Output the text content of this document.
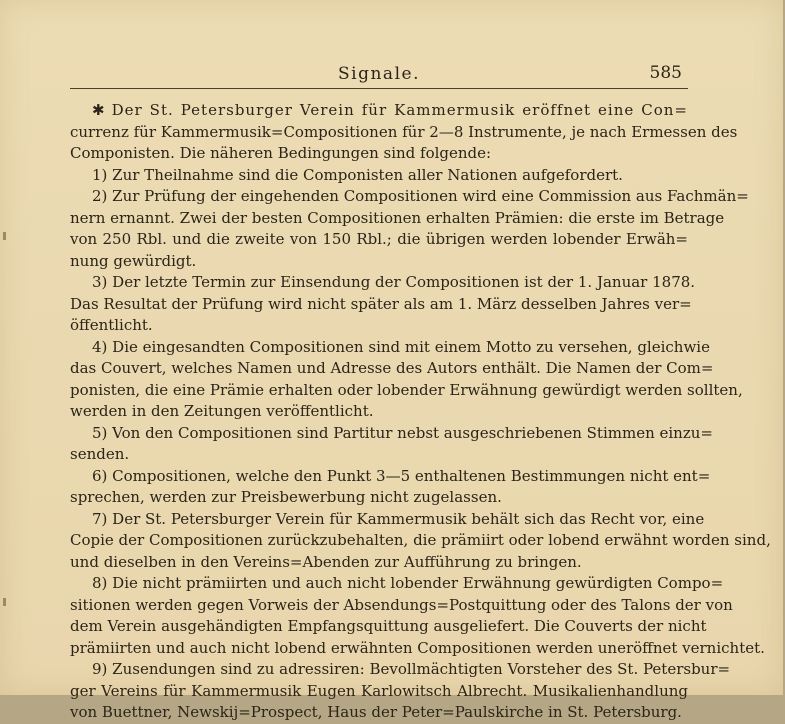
Signale.	585
✱ Der St. Petersburger Verein für Kammermusik eröffnet eine Con=
currenz für Kammermusik=Compositionen für 2—8 Instrumente, je nach Ermessen des
Componisten. Die näheren Bedingungen sind folgende:
1) Zur Theilnahme sind die Componisten aller Nationen aufgefordert.
2) Zur Prüfung der eingehenden Compositionen wird eine Commission aus Fachmän=
nern ernannt. Zwei der besten Compositionen erhalten Prämien: die erste im Betrage
von 250 Rbl. und die zweite von 150 Rbl.; die übrigen werden lobender Erwäh=
nung gewürdigt.
3) Der letzte Termin zur Einsendung der Compositionen ist der 1. Januar 1878.
Das Resultat der Prüfung wird nicht später als am 1. März desselben Jahres ver=
öffentlicht.
4) Die eingesandten Compositionen sind mit einem Motto zu versehen, gleichwie
das Couvert, welches Namen und Adresse des Autors enthält. Die Namen der Com=
ponisten, die eine Prämie erhalten oder lobender Erwähnung gewürdigt werden sollten,
werden in den Zeitungen veröffentlicht.
5) Von den Compositionen sind Partitur nebst ausgeschriebenen Stimmen einzu=
senden.
6) Compositionen, welche den Punkt 3—5 enthaltenen Bestimmungen nicht ent=
sprechen, werden zur Preisbewerbung nicht zugelassen.
7) Der St. Petersburger Verein für Kammermusik behält sich das Recht vor, eine
Copie der Compositionen zurückzubehalten, die prämiirt oder lobend erwähnt worden sind,
und dieselben in den Vereins=Abenden zur Aufführung zu bringen.
8) Die nicht prämiirten und auch nicht lobender Erwähnung gewürdigten Compo=
sitionen werden gegen Vorweis der Absendungs=Postquittung oder des Talons der von
dem Verein ausgehändigten Empfangsquittung ausgeliefert. Die Couverts der nicht
prämiirten und auch nicht lobend erwähnten Compositionen werden uneröffnet vernichtet.
9) Zusendungen sind zu adressiren: Bevollmächtigten Vorsteher des St. Petersbur=
ger Vereins für Kammermusik Eugen Karlowitsch Albrecht. Musikalienhandlung
von Buettner, Newskij=Prospect, Haus der Peter=Paulskirche in St. Petersburg.
